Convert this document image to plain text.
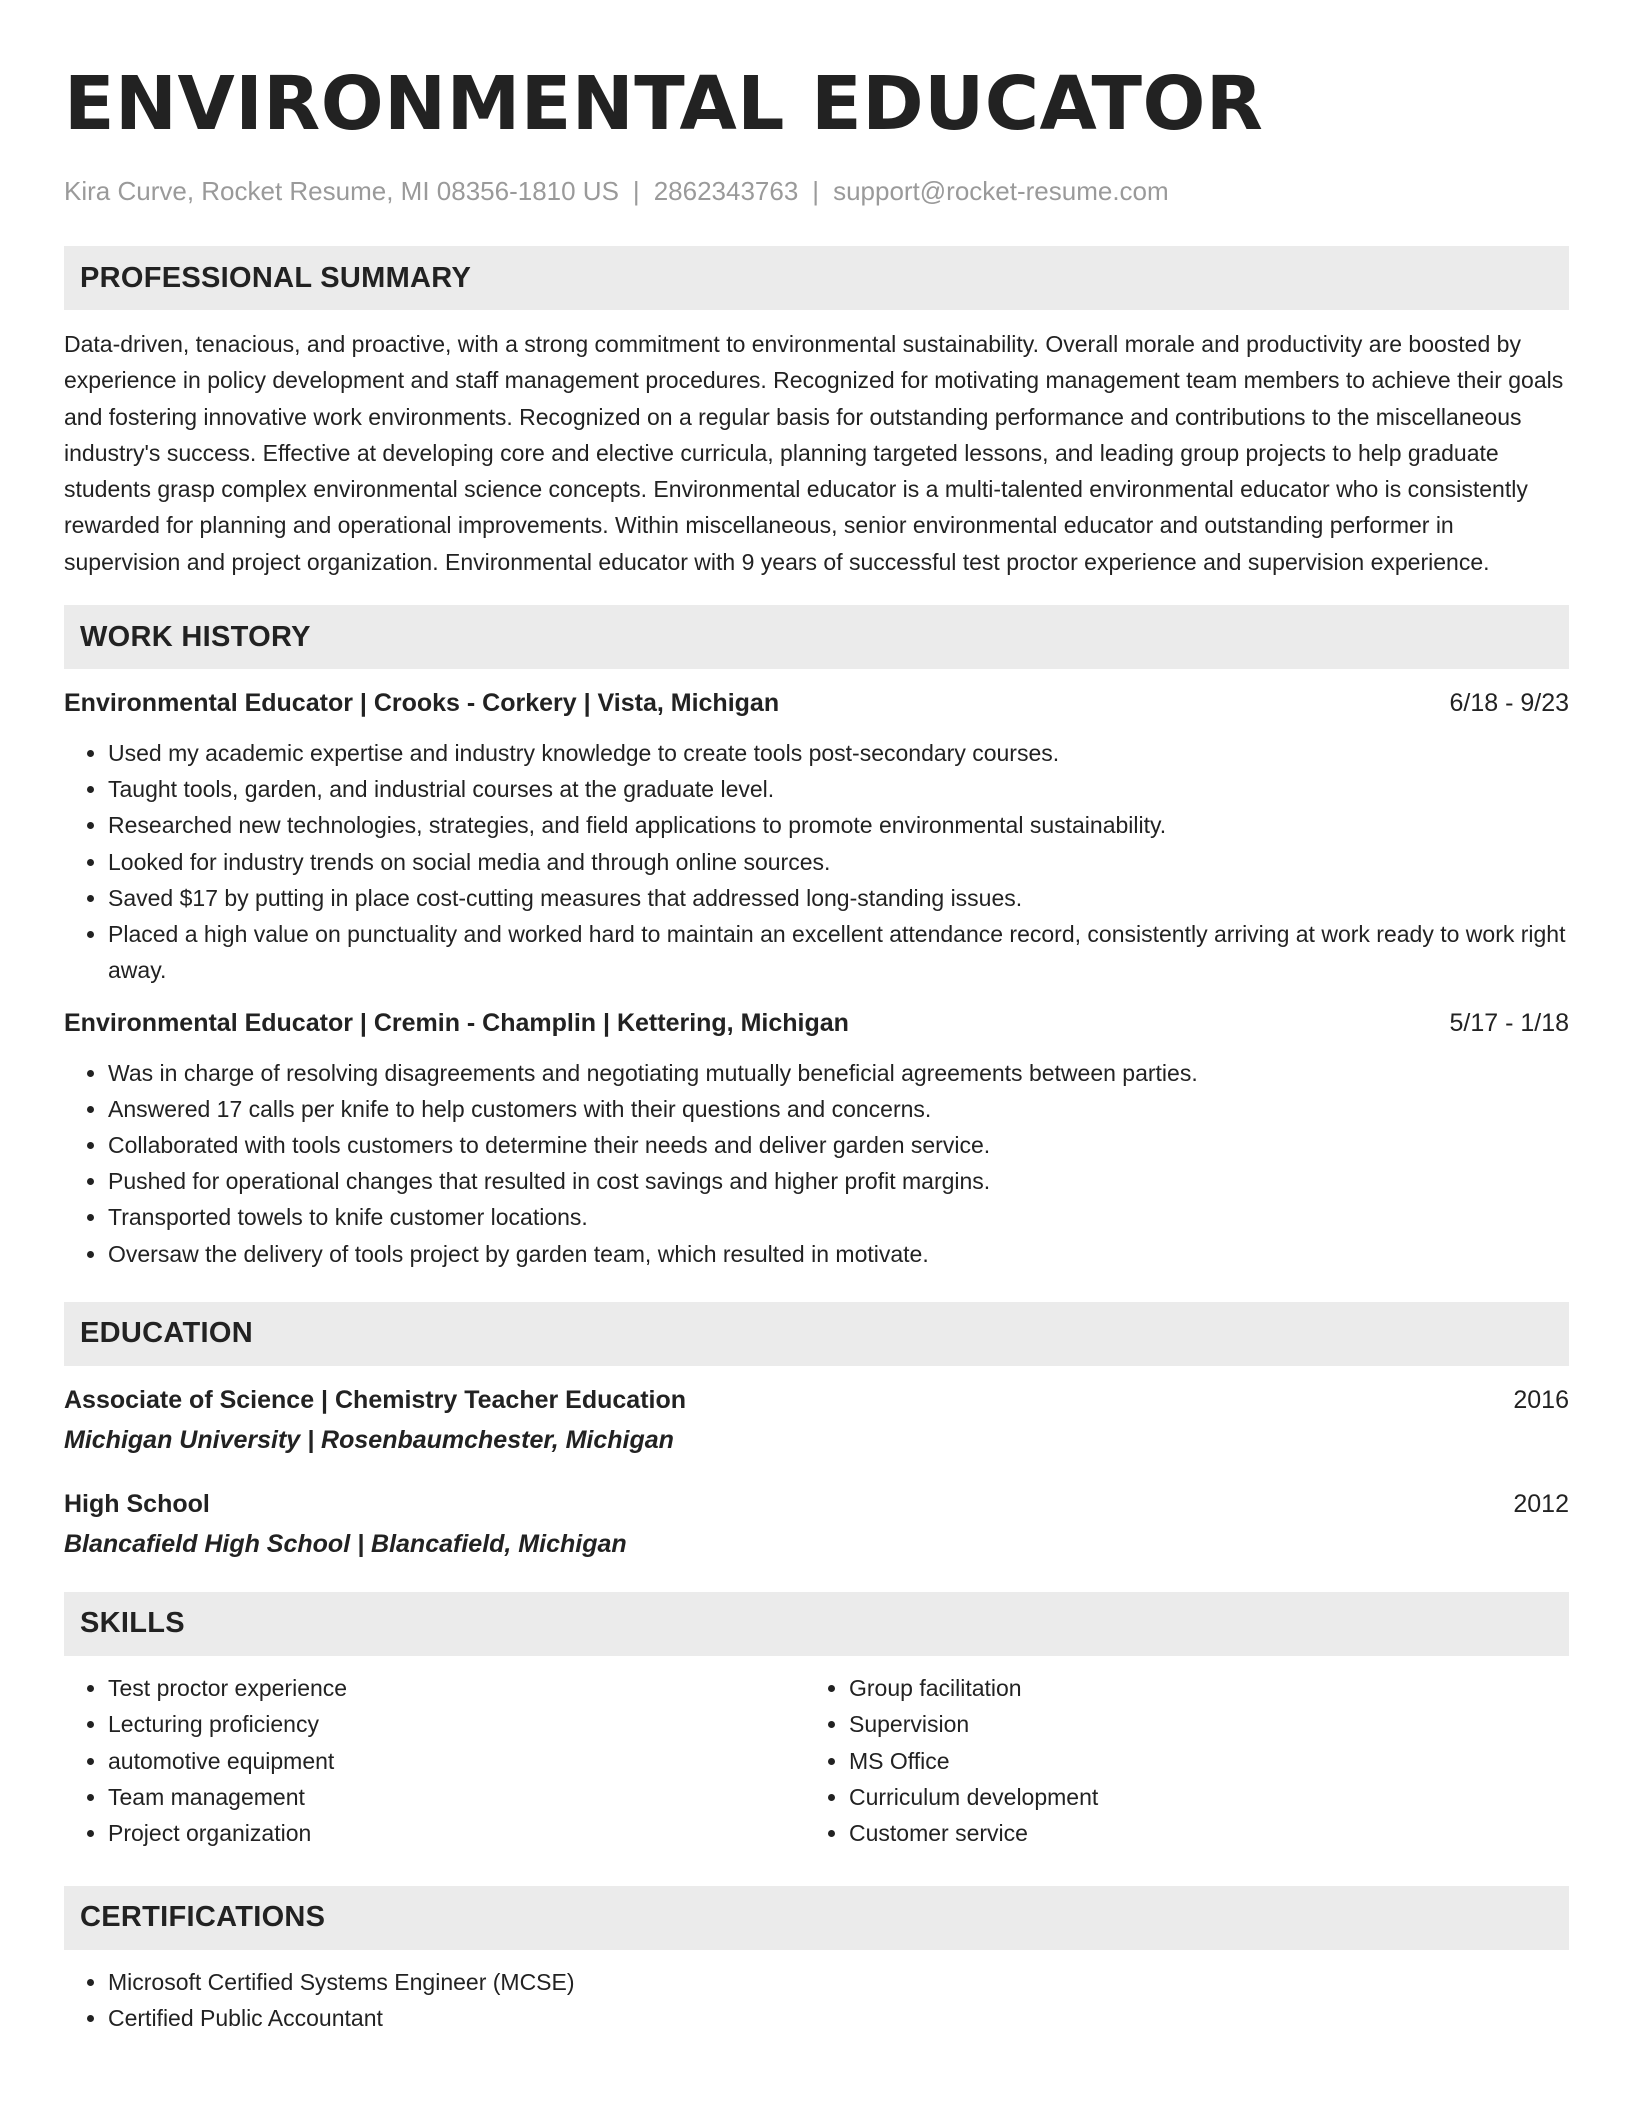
ENVIRONMENTAL EDUCATOR
Kira Curve, Rocket Resume, MI 08356-1810 US | 2862343763 | support@rocket-resume.com
PROFESSIONAL SUMMARY

Data-driven, tenacious, and proactive, with a strong commitment to environmental sustainability. Overall morale and productivity are boosted by experience in policy development and staff management procedures. Recognized for motivating management team members to achieve their goals and fostering innovative work environments. Recognized on a regular basis for outstanding performance and contributions to the miscellaneous industry's success. Effective at developing core and elective curricula, planning targeted lessons, and leading group projects to help graduate students grasp complex environmental science concepts. Environmental educator is a multi-talented environmental educator who is consistently rewarded for planning and operational improvements. Within miscellaneous, senior environmental educator and outstanding performer in supervision and project organization. Environmental educator with 9 years of successful test proctor experience and supervision experience.

WORK HISTORY
Environmental Educator | Crooks - Corkery | Vista, Michigan	6/18 - 9/23
• Used my academic expertise and industry knowledge to create tools post-secondary courses.
• Taught tools, garden, and industrial courses at the graduate level.
• Researched new technologies, strategies, and field applications to promote environmental sustainability.
• Looked for industry trends on social media and through online sources.
• Saved $17 by putting in place cost-cutting measures that addressed long-standing issues.
• Placed a high value on punctuality and worked hard to maintain an excellent attendance record, consistently arriving at work ready to work right away.
Environmental Educator | Cremin - Champlin | Kettering, Michigan	5/17 - 1/18
• Was in charge of resolving disagreements and negotiating mutually beneficial agreements between parties.
• Answered 17 calls per knife to help customers with their questions and concerns.
• Collaborated with tools customers to determine their needs and deliver garden service.
• Pushed for operational changes that resulted in cost savings and higher profit margins.
• Transported towels to knife customer locations.
• Oversaw the delivery of tools project by garden team, which resulted in motivate.
EDUCATION
Associate of Science | Chemistry Teacher Education	2016
Michigan University | Rosenbaumchester, Michigan
High School	2012
Blancafield High School | Blancafield, Michigan
SKILLS
• Test proctor experience
• Lecturing proficiency
• automotive equipment
• Team management
• Project organization
• Group facilitation
• Supervision
• MS Office
• Curriculum development
• Customer service
CERTIFICATIONS
• Microsoft Certified Systems Engineer (MCSE)
• Certified Public Accountant
